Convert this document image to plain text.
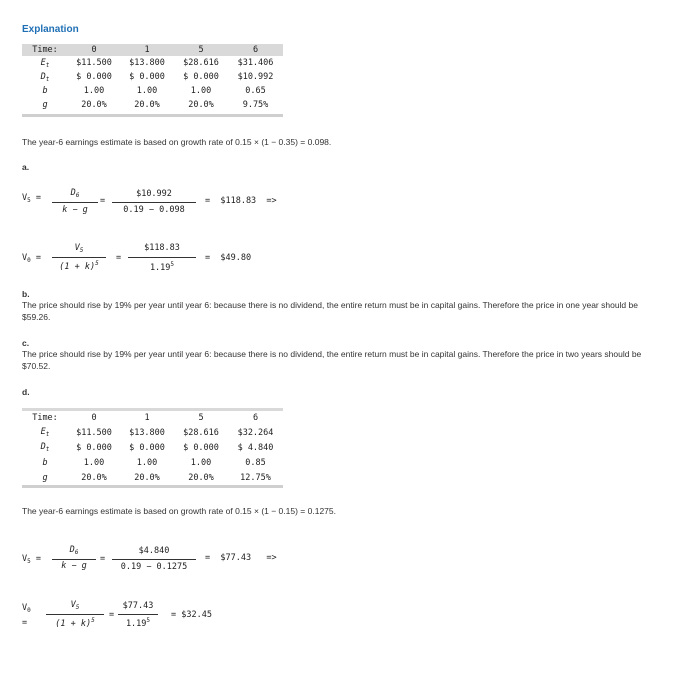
Explanation
Time:	0	1	5	6
$E_t$	$11.500	$13.800	$28.616	$31.406
$D_t$	$ 0.000	$ 0.000	$ 0.000	$10.992
b	1.00	1.00	1.00	0.65
g	20.0%	20.0%	20.0%	9.75%
The year-6 earnings estimate is based on growth rate of 0.15 × (1 − 0.35) = 0.098.
a.
$V_5$ =	$D_6$
k − g
=
$10.992
0.19 − 0.098
=  $118.83  =>
$V_0$ =
$V_5$
$(1 + k)^5$
=
$118.83
$1.19^5$
=  $49.80
b.
The price should rise by 19% per year until year 6: because there is no dividend, the entire return must be in capital gains. Therefore the price in one year should be $59.26.
c.
The price should rise by 19% per year until year 6: because there is no dividend, the entire return must be in capital gains. Therefore the price in two years should be $70.52.
d.
Time:	0	1	5	6
$E_t$	$11.500	$13.800	$28.616	$32.264
$D_t$	$ 0.000	$ 0.000	$ 0.000	$ 4.840
b	1.00	1.00	1.00	0.85
g	20.0%	20.0%	20.0%	12.75%
The year-6 earnings estimate is based on growth rate of 0.15 × (1 − 0.15) = 0.1275.
$V_5$ =
$D_6$
k − g
=
$4.840
0.19 − 0.1275
=  $77.43   =>
$V_0$
=
$V_5$
$(1 + k)^5$
=
$77.43
$1.19^5$
= $32.45
